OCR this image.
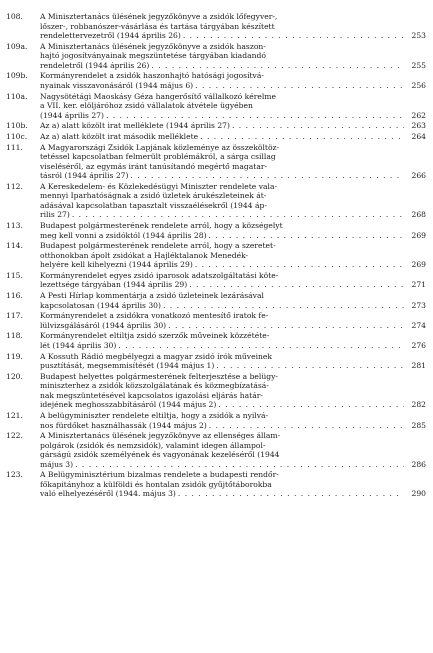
108.	A Minisztertanács ülésének jegyzőkönyve a zsidók lőfegyver-,
lőszer-, robbanószer-vásárlása és tartása tárgyában készített
rendelettervezetről (1944 április 26) . . .	253
109a.	A Minisztertanács ülésének jegyzőkönyve a zsidók haszon-
hajtó jogosítványainak megszüntetése tárgyában kiadandó
rendeletről (1944 április 26) . . .	255
109b.	Kormányrendelet a zsidók haszonhajtó hatósági jogosítvá-
nyainak visszavonásáról (1944 május 6) . . .	256
110a.	Nagysötétági Maoskásy Géza hangerősítő vállalkozó kérelme
a VII. ker. elöljáróhoz zsidó vállalatok átvétele ügyében
(1944 április 27) . . .	262
110b.	Az a) alatt közölt irat melléklete (1944 április 27) . . .	263
110c.	Az a) alatt közölt irat második melléklete . . .	264
111.	A Magyarországi Zsidók Lapjának közleménye az összeköltöz-
tetéssel kapcsolatban felmerült problémákról, a sárga csillag
viseléséről, az egymás iránt tanúsítandó megértő magatar-
tásról (1944 április 27) . . .	266
112.	A Kereskedelem- és Közlekedésügyi Miniszter rendelete vala-
mennyi Iparhatóságnak a zsidó üzletek árukészleteinek át-
adásával kapcsolatban tapasztalt visszaélésekről (1944 áp-
rilis 27) . . .	268
113.	Budapest polgármesterének rendelete arról, hogy a községelyt
meg kell vonni a zsidóktól (1944 április 28) . . .	269
114.	Budapest polgármesterének rendelete arról, hogy a szeretet-
otthonokban ápolt zsidókat a Hajléktalanok Menedék-
helyére kell kihelyezni (1944 április 29) . . .	269
115.	Kormányrendelet egyes zsidó iparosok adatszolgáltatási köte-
lezettsége tárgyában (1944 április 29) . . .	271
116.	A Pesti Hírlap kommentárja a zsidó üzleteinek lezárásával
kapcsolatosan (1944 április 30) . . .	273
117.	Kormányrendelet a zsidókra vonatkozó mentesítő iratok fe-
lülvizsgálásáról (1944 április 30) . . .	274
118.	Kormányrendelet eltiltja zsidó szerzők műveinek közzététe-
lét (1944 április 30) . . .	276
119.	A Kossuth Rádió megbélyegzi a magyar zsidó írók műveinek
pusztítását, megsemmisítését (1944 május 1) . . .	281
120.	Budapest helyettes polgármesterének felterjesztése a belügy-
miniszterhez a zsidók közszolgálatának és közmegbízatásá-
nak megszüntetésével kapcsolatos igazolási eljárás határ-
idejének meghosszabbításáról (1944 május 2) . . .	282
121.	A belügyminiszter rendelete eltiltja, hogy a zsidók a nyilvá-
nos fürdőket használhassák (1944 május 2) . . .	285
122.	A Minisztertanács ülésének jegyzőkönyve az ellenséges állam-
polgárok (zsidók és nemzsidók), valamint idegen állampol-
gárságú zsidók személyének és vagyonának kezeléséről (1944
május 3) . . .	286
123.	A Belügyminisztérium bizalmas rendelete a budapesti rendőr-
főkapitányhoz a külföldi és hontalan zsidók gyűjtőtáborokba
való elhelyezéséről (1944. május 3) . . .	290
